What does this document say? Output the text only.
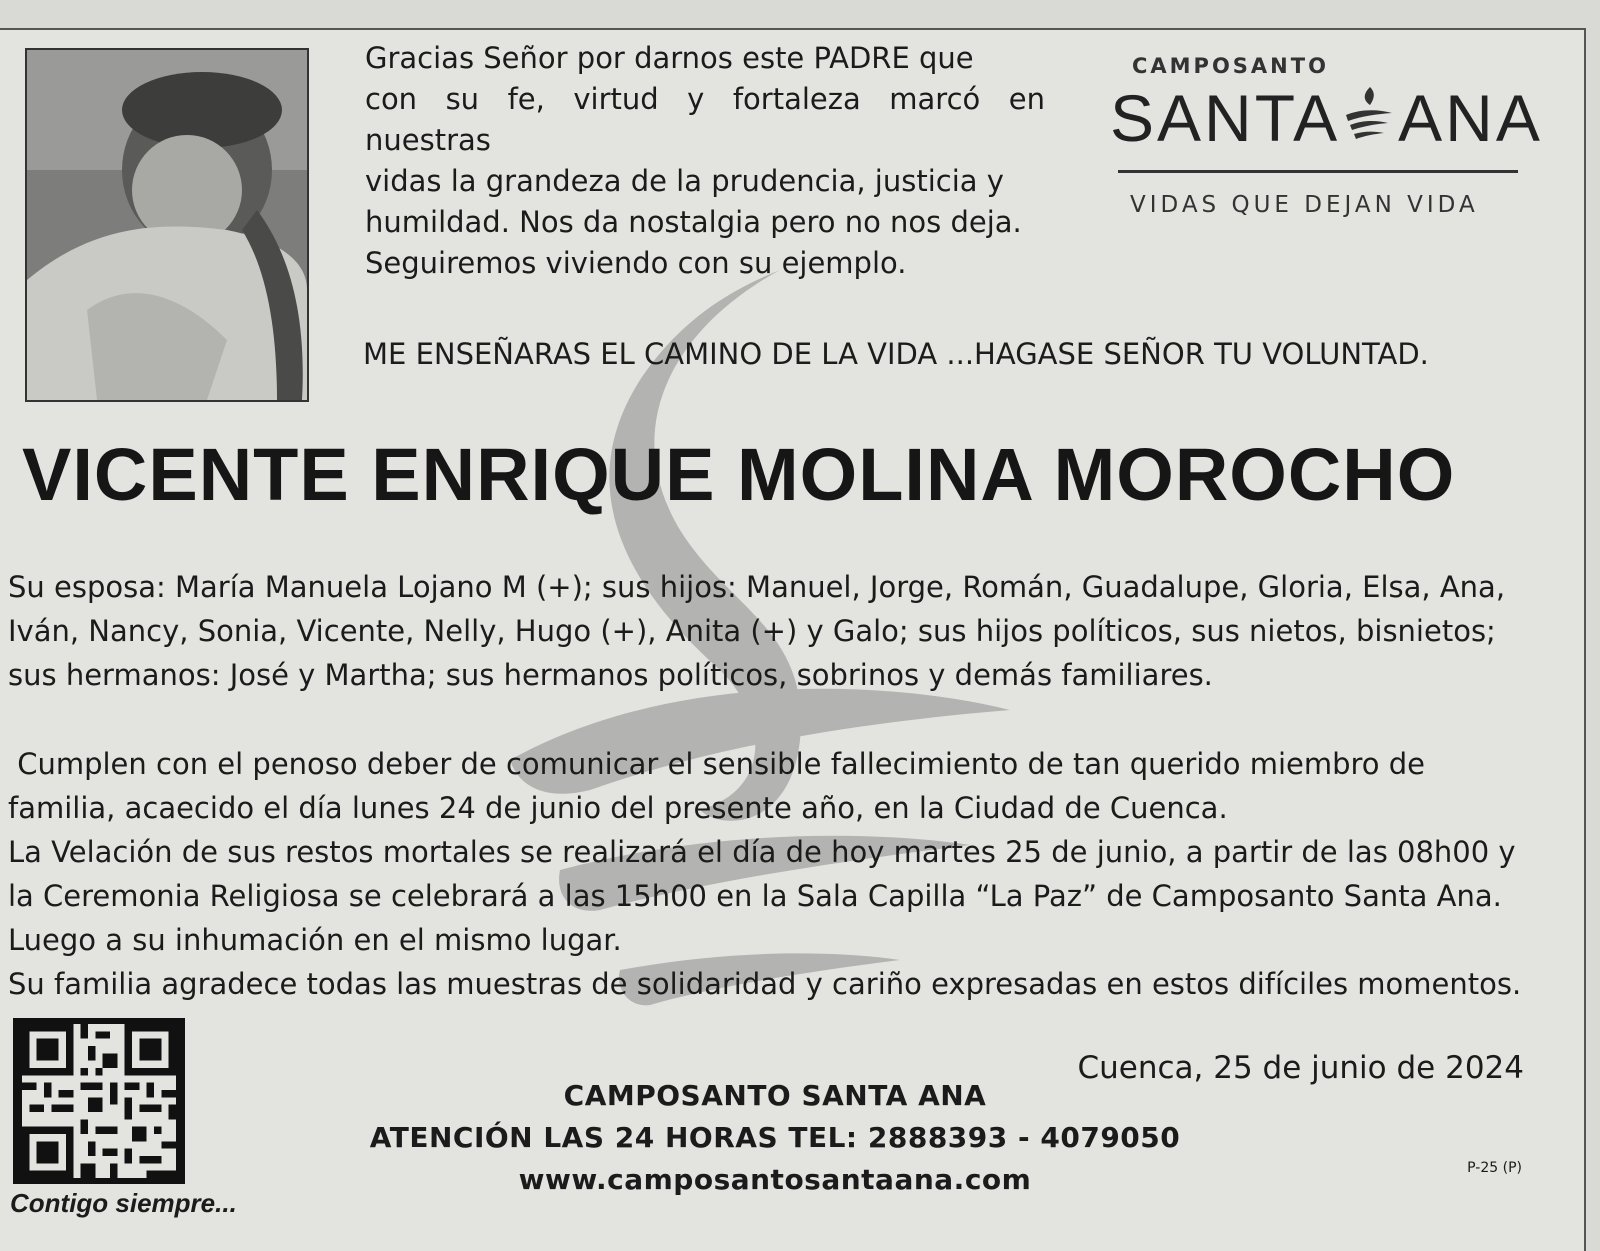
Gracias Señor por darnos este PADRE que
con su fe, virtud y fortaleza marcó en nuestras
vidas la grandeza de la prudencia, justicia y
humildad. Nos da nostalgia pero no nos deja.
Seguiremos viviendo con su ejemplo.
CAMPOSANTO
SANTA ANA
VIDAS QUE DEJAN VIDA
ME ENSEÑARAS EL CAMINO DE LA VIDA ...HAGASE SEÑOR TU VOLUNTAD.
VICENTE ENRIQUE MOLINA MOROCHO
Su esposa: María Manuela Lojano M (+); sus hijos: Manuel, Jorge, Román, Guadalupe, Gloria, Elsa, Ana,
Iván, Nancy, Sonia, Vicente, Nelly, Hugo (+), Anita (+) y Galo; sus hijos políticos, sus nietos, bisnietos;
sus hermanos: José y Martha; sus hermanos políticos, sobrinos y demás familiares.
Cumplen con el penoso deber de comunicar el sensible fallecimiento de tan querido miembro de
familia, acaecido el día lunes 24 de junio del presente año, en la Ciudad de Cuenca.
La Velación de sus restos mortales se realizará el día de hoy martes 25 de junio, a partir de las 08h00 y
la Ceremonia Religiosa se celebrará a las 15h00 en la Sala Capilla “La Paz” de Camposanto Santa Ana.
Luego a su inhumación en el mismo lugar.
Su familia agradece todas las muestras de solidaridad y cariño expresadas en estos difíciles momentos.
Contigo siempre...
CAMPOSANTO SANTA ANA
ATENCIÓN LAS 24 HORAS TEL: 2888393 - 4079050
www.camposantosantaana.com
Cuenca, 25 de junio de 2024
P-25 (P)
